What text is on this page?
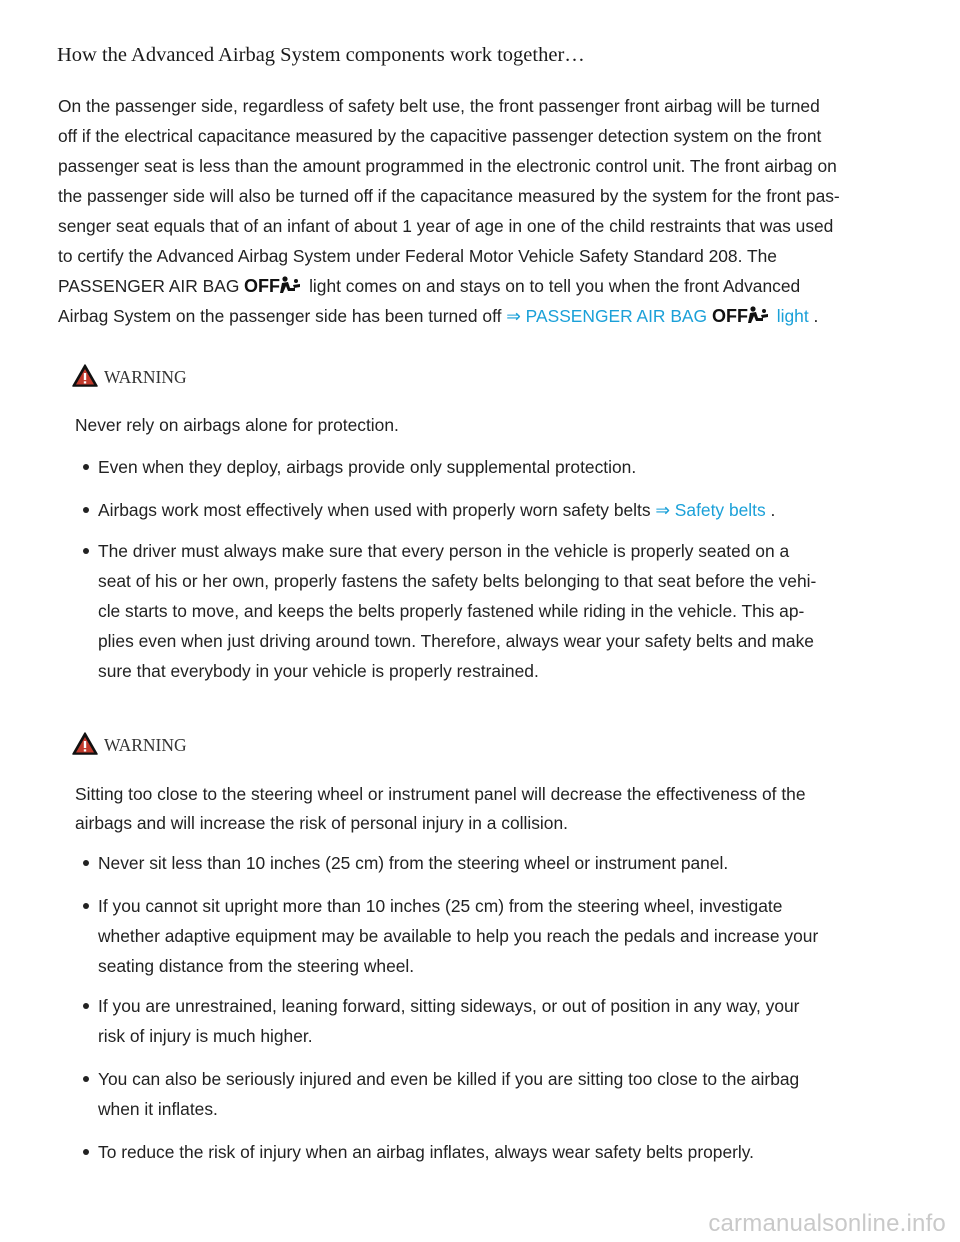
How the Advanced Airbag System components work together…
On the passenger side, regardless of safety belt use, the front passenger front airbag will be turned
off if the electrical capacitance measured by the capacitive passenger detection system on the front
passenger seat is less than the amount programmed in the electronic control unit. The front airbag on
the passenger side will also be turned off if the capacitance measured by the system for the front pas-
senger seat equals that of an infant of about 1 year of age in one of the child restraints that was used
to certify the Advanced Airbag System under Federal Motor Vehicle Safety Standard 208. The
PASSENGER AIR BAG OFF light comes on and stays on to tell you when the front Advanced
Airbag System on the passenger side has been turned off ⇒ PASSENGER AIR BAG OFF light .
WARNING

Never rely on airbags alone for protection.

Even when they deploy, airbags provide only supplemental protection.
Airbags work most effectively when used with properly worn safety belts ⇒ Safety belts .
The driver must always make sure that every person in the vehicle is properly seated on a
seat of his or her own, properly fastens the safety belts belonging to that seat before the vehi-
cle starts to move, and keeps the belts properly fastened while riding in the vehicle. This ap-
plies even when just driving around town. Therefore, always wear your safety belts and make
sure that everybody in your vehicle is properly restrained.
WARNING

Sitting too close to the steering wheel or instrument panel will decrease the effectiveness of the
airbags and will increase the risk of personal injury in a collision.

Never sit less than 10 inches (25 cm) from the steering wheel or instrument panel.
If you cannot sit upright more than 10 inches (25 cm) from the steering wheel, investigate
whether adaptive equipment may be available to help you reach the pedals and increase your
seating distance from the steering wheel.
If you are unrestrained, leaning forward, sitting sideways, or out of position in any way, your
risk of injury is much higher.
You can also be seriously injured and even be killed if you are sitting too close to the airbag
when it inflates.
To reduce the risk of injury when an airbag inflates, always wear safety belts properly.
carmanualsonline.info
